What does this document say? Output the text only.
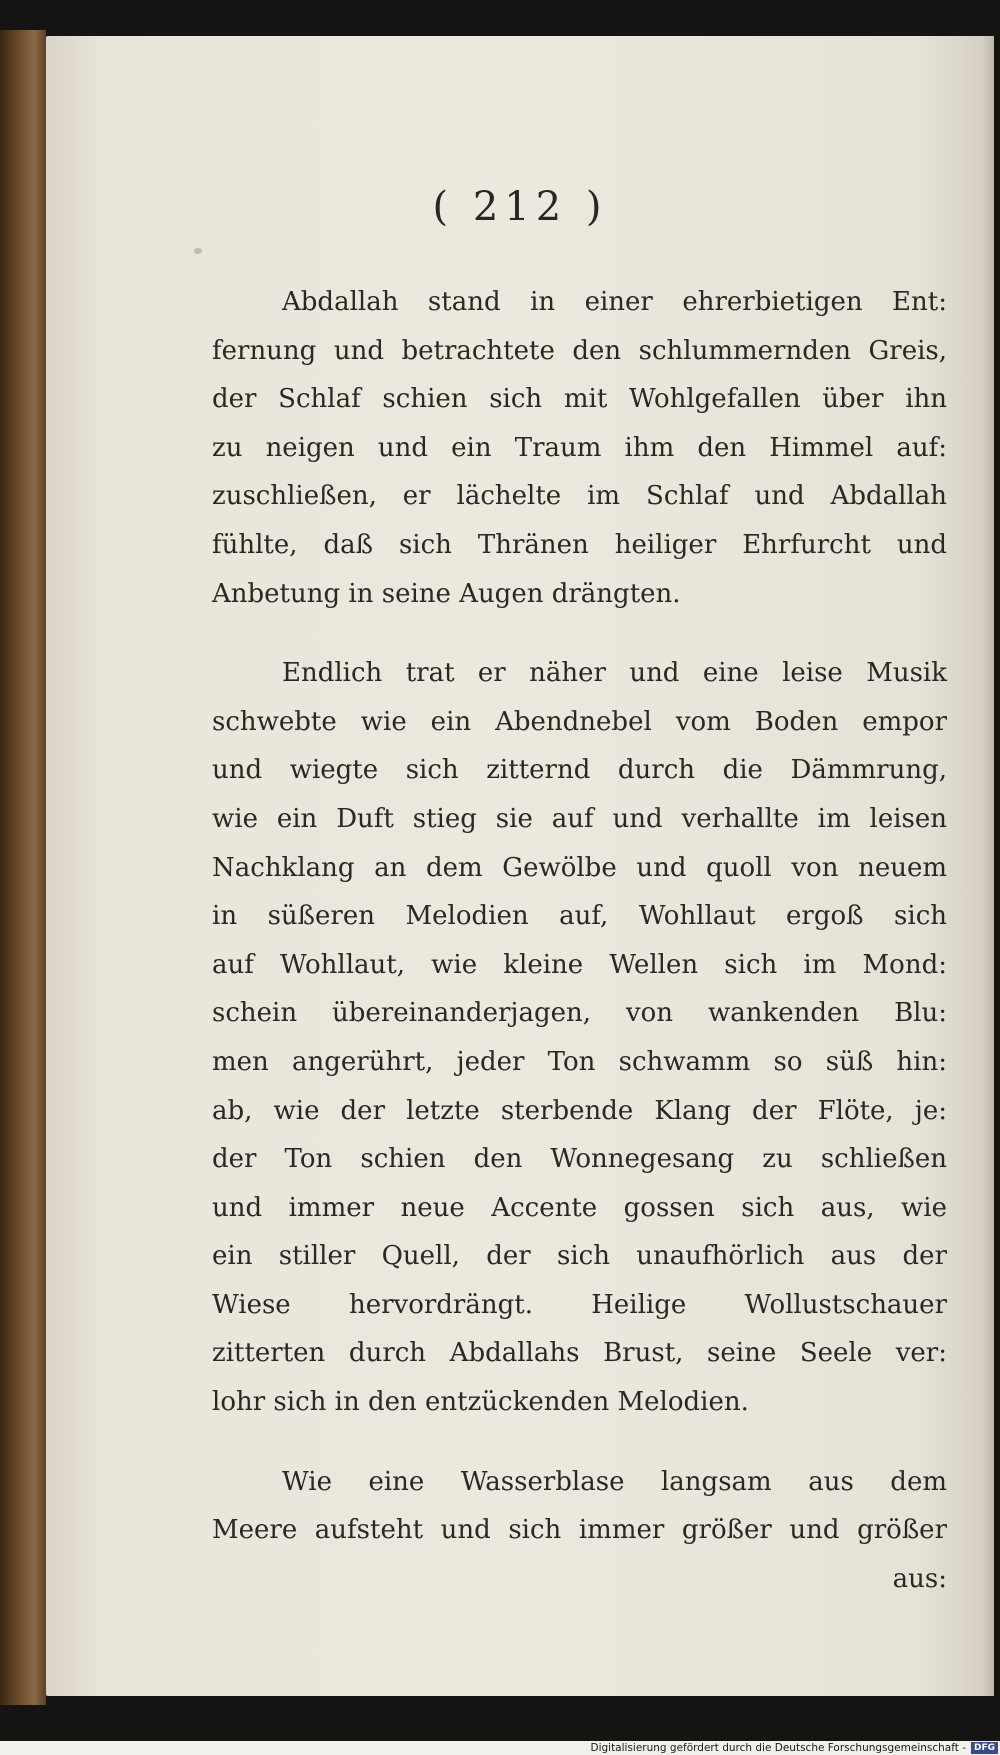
( 212 )

Abdallah stand in einer ehrerbietigen Ent:
fernung und betrachtete den schlummernden Greis,
der Schlaf schien sich mit Wohlgefallen über ihn
zu neigen und ein Traum ihm den Himmel auf:
zuschließen, er lächelte im Schlaf und Abdallah
fühlte, daß sich Thränen heiliger Ehrfurcht und
Anbetung in seine Augen drängten.

Endlich trat er näher und eine leise Musik
schwebte wie ein Abendnebel vom Boden empor
und wiegte sich zitternd durch die Dämmrung,
wie ein Duft stieg sie auf und verhallte im leisen
Nachklang an dem Gewölbe und quoll von neuem
in süßeren Melodien auf, Wohllaut ergoß sich
auf Wohllaut, wie kleine Wellen sich im Mond:
schein übereinanderjagen, von wankenden Blu:
men angerührt, jeder Ton schwamm so süß hin:
ab, wie der letzte sterbende Klang der Flöte, je:
der Ton schien den Wonnegesang zu schließen
und immer neue Accente gossen sich aus, wie
ein stiller Quell, der sich unaufhörlich aus der
Wiese hervordrängt. Heilige Wollustschauer
zitterten durch Abdallahs Brust, seine Seele ver:
lohr sich in den entzückenden Melodien.

Wie eine Wasserblase langsam aus dem
Meere aufsteht und sich immer größer und größer

aus:
Digitalisierung gefördert durch die Deutsche Forschungsgemeinschaft - DFG
